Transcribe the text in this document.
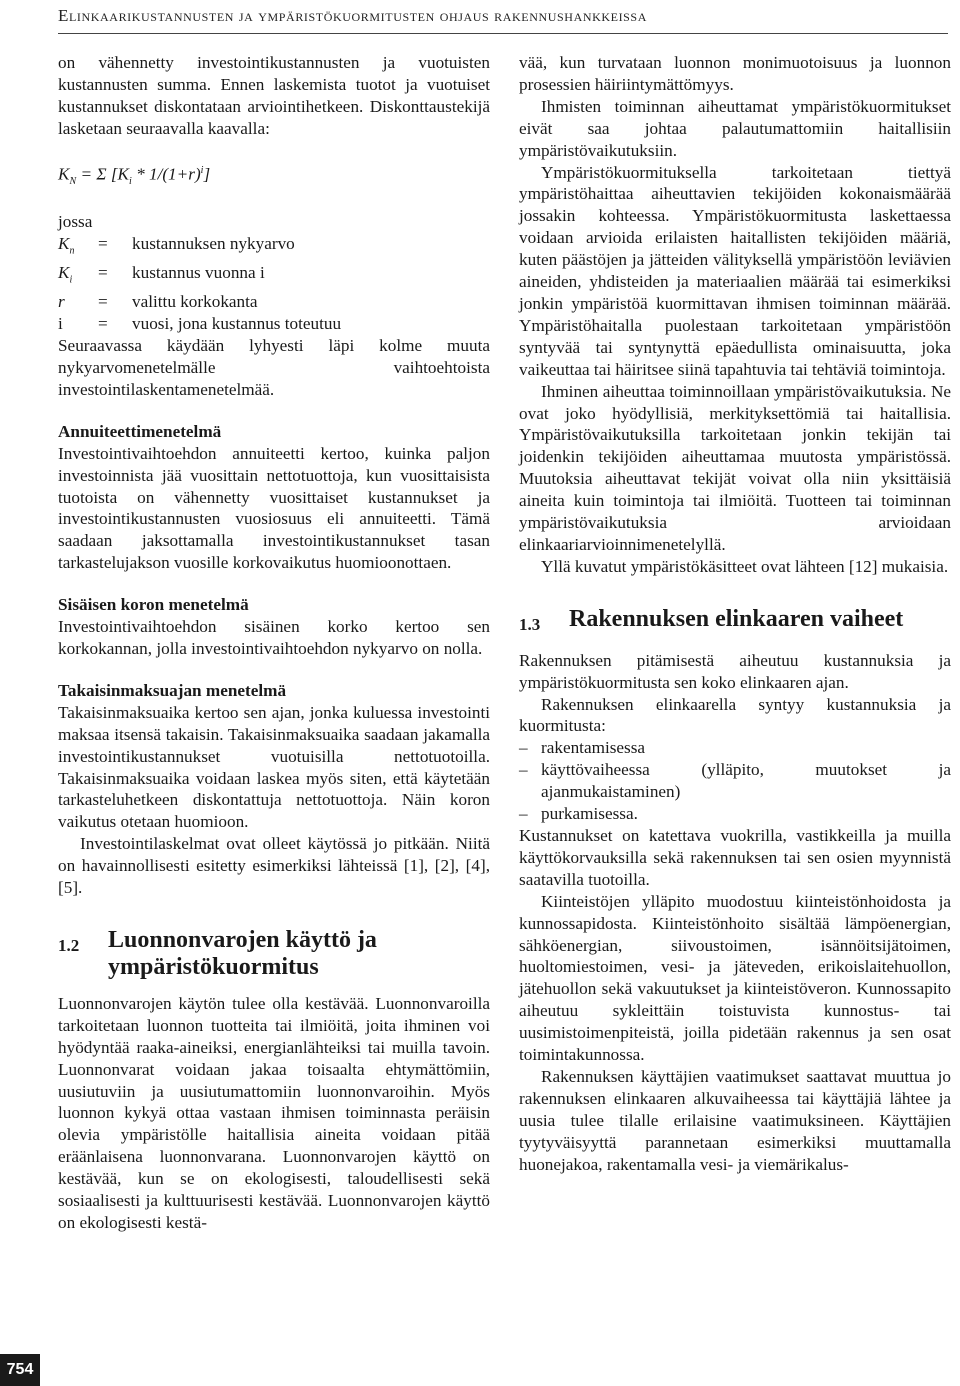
Elinkaarikustannusten ja ympäristökuormitusten ohjaus rakennushankkeissa

on vähennetty investointikustannusten ja vuotuisten kustannusten summa. Ennen laskemista tuotot ja vuotuiset kustannukset diskontataan arviointihetkeen. Diskonttaustekijä lasketaan seuraavalla kaavalla:

$K_N = \Sigma$ $[K_i * 1/(1+r)^i]$

jossa

$K_n$	=	kustannuksen nykyarvo
$K_i$	=	kustannus vuonna i
r	=	valittu korkokanta
i	=	vuosi, jona kustannus toteutuu

Seuraavassa käydään lyhyesti läpi kolme muuta nykyarvomenetelmälle vaihtoehtoista investointilaskentamenetelmää.

Annuiteettimenetelmä

Investointivaihtoehdon annuiteetti kertoo, kuinka paljon investoinnista jää vuosittain nettotuottoja, kun vuosittaisista tuotoista on vähennetty vuosittaiset kustannukset ja investointikustannusten vuosiosuus eli annuiteetti. Tämä saadaan jaksottamalla investointikustannukset tasan tarkastelujakson vuosille korkovaikutus huomioonottaen.

Sisäisen koron menetelmä

Investointivaihtoehdon sisäinen korko kertoo sen korkokannan, jolla investointivaihtoehdon nykyarvo on nolla.

Takaisinmaksuajan menetelmä

Takaisinmaksuaika kertoo sen ajan, jonka kuluessa investointi maksaa itsensä takaisin. Takaisinmaksuaika saadaan jakamalla investointikustannukset vuotuisilla nettotuotoilla. Takaisinmaksuaika voidaan laskea myös siten, että käytetään tarkasteluhetkeen diskontattuja nettotuottoja. Näin koron vaikutus otetaan huomioon.

Investointilaskelmat ovat olleet käytössä jo pitkään. Niitä on havainnollisesti esitetty esimerkiksi lähteissä [1], [2], [4], [5].

1.2	Luonnonvarojen käyttö ja ympäristökuormitus

Luonnonvarojen käytön tulee olla kestävää. Luonnonvaroilla tarkoitetaan luonnon tuotteita tai ilmiöitä, joita ihminen voi hyödyntää raaka-aineiksi, energianlähteiksi tai muilla tavoin. Luonnonvarat voidaan jakaa toisaalta ehtymättömiin, uusiutuviin ja uusiutumattomiin luonnonvaroihin. Myös luonnon kykyä ottaa vastaan ihmisen toiminnasta peräisin olevia ympäristölle haitallisia aineita voidaan pitää eräänlaisena luonnonvarana. Luonnonvarojen käyttö on kestävää, kun se on ekologisesti, taloudellisesti sekä sosiaalisesti ja kulttuurisesti kestävää. Luonnonvarojen käyttö on ekologisesti kestä-

vää, kun turvataan luonnon monimuotoisuus ja luonnon prosessien häiriintymättömyys.

Ihmisten toiminnan aiheuttamat ympäristökuormitukset eivät saa johtaa palautumattomiin haitallisiin ympäristövaikutuksiin.

Ympäristökuormituksella tarkoitetaan tiettyä ympäristöhaittaa aiheuttavien tekijöiden kokonaismäärää jossakin kohteessa. Ympäristökuormitusta laskettaessa voidaan arvioida erilaisten haitallisten tekijöiden määriä, kuten päästöjen ja jätteiden välityksellä ympäristöön leviävien aineiden, yhdisteiden ja materiaalien määrää tai esimerkiksi jonkin ympäristöä kuormittavan ihmisen toiminnan määrää. Ympäristöhaitalla puolestaan tarkoitetaan ympäristöön syntyvää tai syntynyttä epäedullista ominaisuutta, joka vaikeuttaa tai häiritsee siinä tapahtuvia tai tehtäviä toimintoja.

Ihminen aiheuttaa toiminnoillaan ympäristövaikutuksia. Ne ovat joko hyödyllisiä, merkityksettömiä tai haitallisia. Ympäristövaikutuksilla tarkoitetaan jonkin tekijän tai joidenkin tekijöiden aiheuttamaa muutosta ympäristössä. Muutoksia aiheuttavat tekijät voivat olla niin yksittäisiä aineita kuin toimintoja tai ilmiöitä. Tuotteen tai toiminnan ympäristövaikutuksia arvioidaan elinkaariarvioinnimenetelyllä.

Yllä kuvatut ympäristökäsitteet ovat lähteen [12] mukaisia.

1.3	Rakennuksen elinkaaren vaiheet

Rakennuksen pitämisestä aiheutuu kustannuksia ja ympäristökuormitusta sen koko elinkaaren ajan.

Rakennuksen elinkaarella syntyy kustannuksia ja kuormitusta:

– rakentamisessa
– käyttövaiheessa (ylläpito, muutokset ja ajanmukaistaminen)
– purkamisessa.

Kustannukset on katettava vuokrilla, vastikkeilla ja muilla käyttökorvauksilla sekä rakennuksen tai sen osien myynnistä saatavilla tuotoilla.

Kiinteistöjen ylläpito muodostuu kiinteistönhoidosta ja kunnossapidosta. Kiinteistönhoito sisältää lämpöenergian, sähköenergian, siivoustoimen, isännöitsijätoimen, huoltomiestoimen, vesi- ja jäteveden, erikoislaitehuollon, jätehuollon sekä vakuutukset ja kiinteistöveron. Kunnossapito aiheutuu sykleittäin toistuvista kunnostus- tai uusimistoimenpiteistä, joilla pidetään rakennus ja sen osat toimintakunnossa.

Rakennuksen käyttäjien vaatimukset saattavat muuttua jo rakennuksen elinkaaren alkuvaiheessa tai käyttäjiä lähtee ja uusia tulee tilalle erilaisine vaatimuksineen. Käyttäjien tyytyväisyyttä parannetaan esimerkiksi muuttamalla huonejakoa, rakentamalla vesi- ja viemärikalus-

754
